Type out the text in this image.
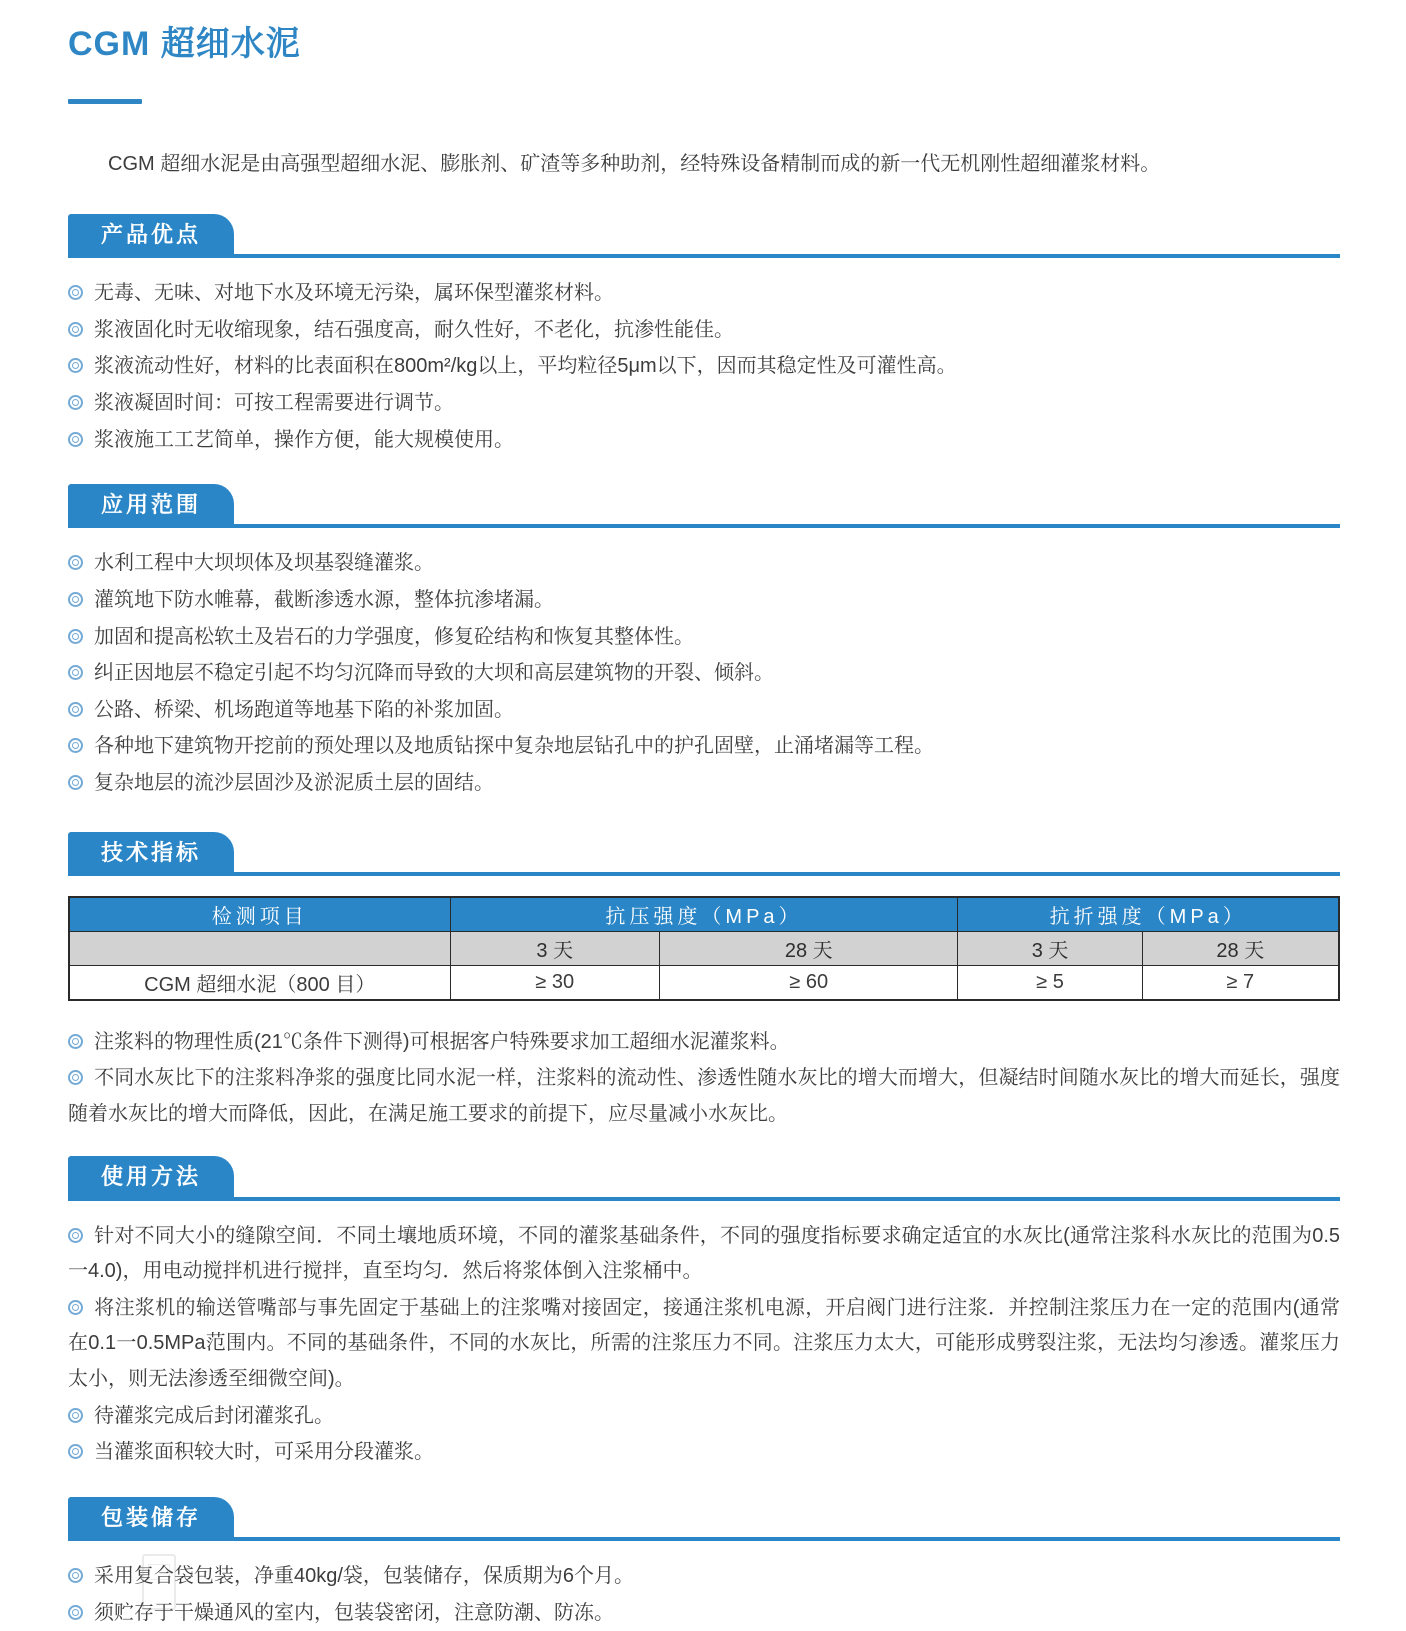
CGM 超细水泥
CGM 超细水泥是由高强型超细水泥、膨胀剂、矿渣等多种助剂，经特殊设备精制而成的新一代无机刚性超细灌浆材料。
产品优点
无毒、无味、对地下水及环境无污染，属环保型灌浆材料。
浆液固化时无收缩现象，结石强度高，耐久性好，不老化，抗渗性能佳。
浆液流动性好，材料的比表面积在800m²/kg以上，平均粒径5μm以下，因而其稳定性及可灌性高。
浆液凝固时间：可按工程需要进行调节。
浆液施工工艺简单，操作方便，能大规模使用。
应用范围
水利工程中大坝坝体及坝基裂缝灌浆。
灌筑地下防水帷幕，截断渗透水源，整体抗渗堵漏。
加固和提高松软土及岩石的力学强度，修复砼结构和恢复其整体性。
纠正因地层不稳定引起不均匀沉降而导致的大坝和高层建筑物的开裂、倾斜。
公路、桥梁、机场跑道等地基下陷的补浆加固。
各种地下建筑物开挖前的预处理以及地质钻探中复杂地层钻孔中的护孔固壁，止涌堵漏等工程。
复杂地层的流沙层固沙及淤泥质土层的固结。
技术指标
检测项目	抗压强度（MPa）		抗折强度（MPa）	
	3 天	28 天	3 天	28 天
CGM 超细水泥（800 目）	≥ 30	≥ 60	≥ 5	≥ 7
注浆料的物理性质(21℃条件下测得)可根据客户特殊要求加工超细水泥灌浆料。
不同水灰比下的注浆料净浆的强度比同水泥一样，注浆料的流动性、渗透性随水灰比的增大而增大，但凝结时间随水灰比的增大而延长，强度随着水灰比的增大而降低，因此，在满足施工要求的前提下，应尽量减小水灰比。
使用方法
针对不同大小的缝隙空间．不同土壤地质环境，不同的灌浆基础条件，不同的强度指标要求确定适宜的水灰比(通常注浆科水灰比的范围为0.5一4.0)，用电动搅拌机进行搅拌，直至均匀．然后将浆体倒入注浆桶中。
将注浆机的输送管嘴部与事先固定于基础上的注浆嘴对接固定，接通注浆机电源，开启阀门进行注浆．并控制注浆压力在一定的范围内(通常在0.1一0.5MPa范围内。不同的基础条件，不同的水灰比，所需的注浆压力不同。注浆压力太大，可能形成劈裂注浆，无法均匀渗透。灌浆压力太小，则无法渗透至细微空间)。
待灌浆完成后封闭灌浆孔。
当灌浆面积较大时，可采用分段灌浆。
包装储存
采用复合袋包装，净重40kg/袋，包装储存，保质期为6个月。
须贮存于干燥通风的室内，包装袋密闭，注意防潮、防冻。
